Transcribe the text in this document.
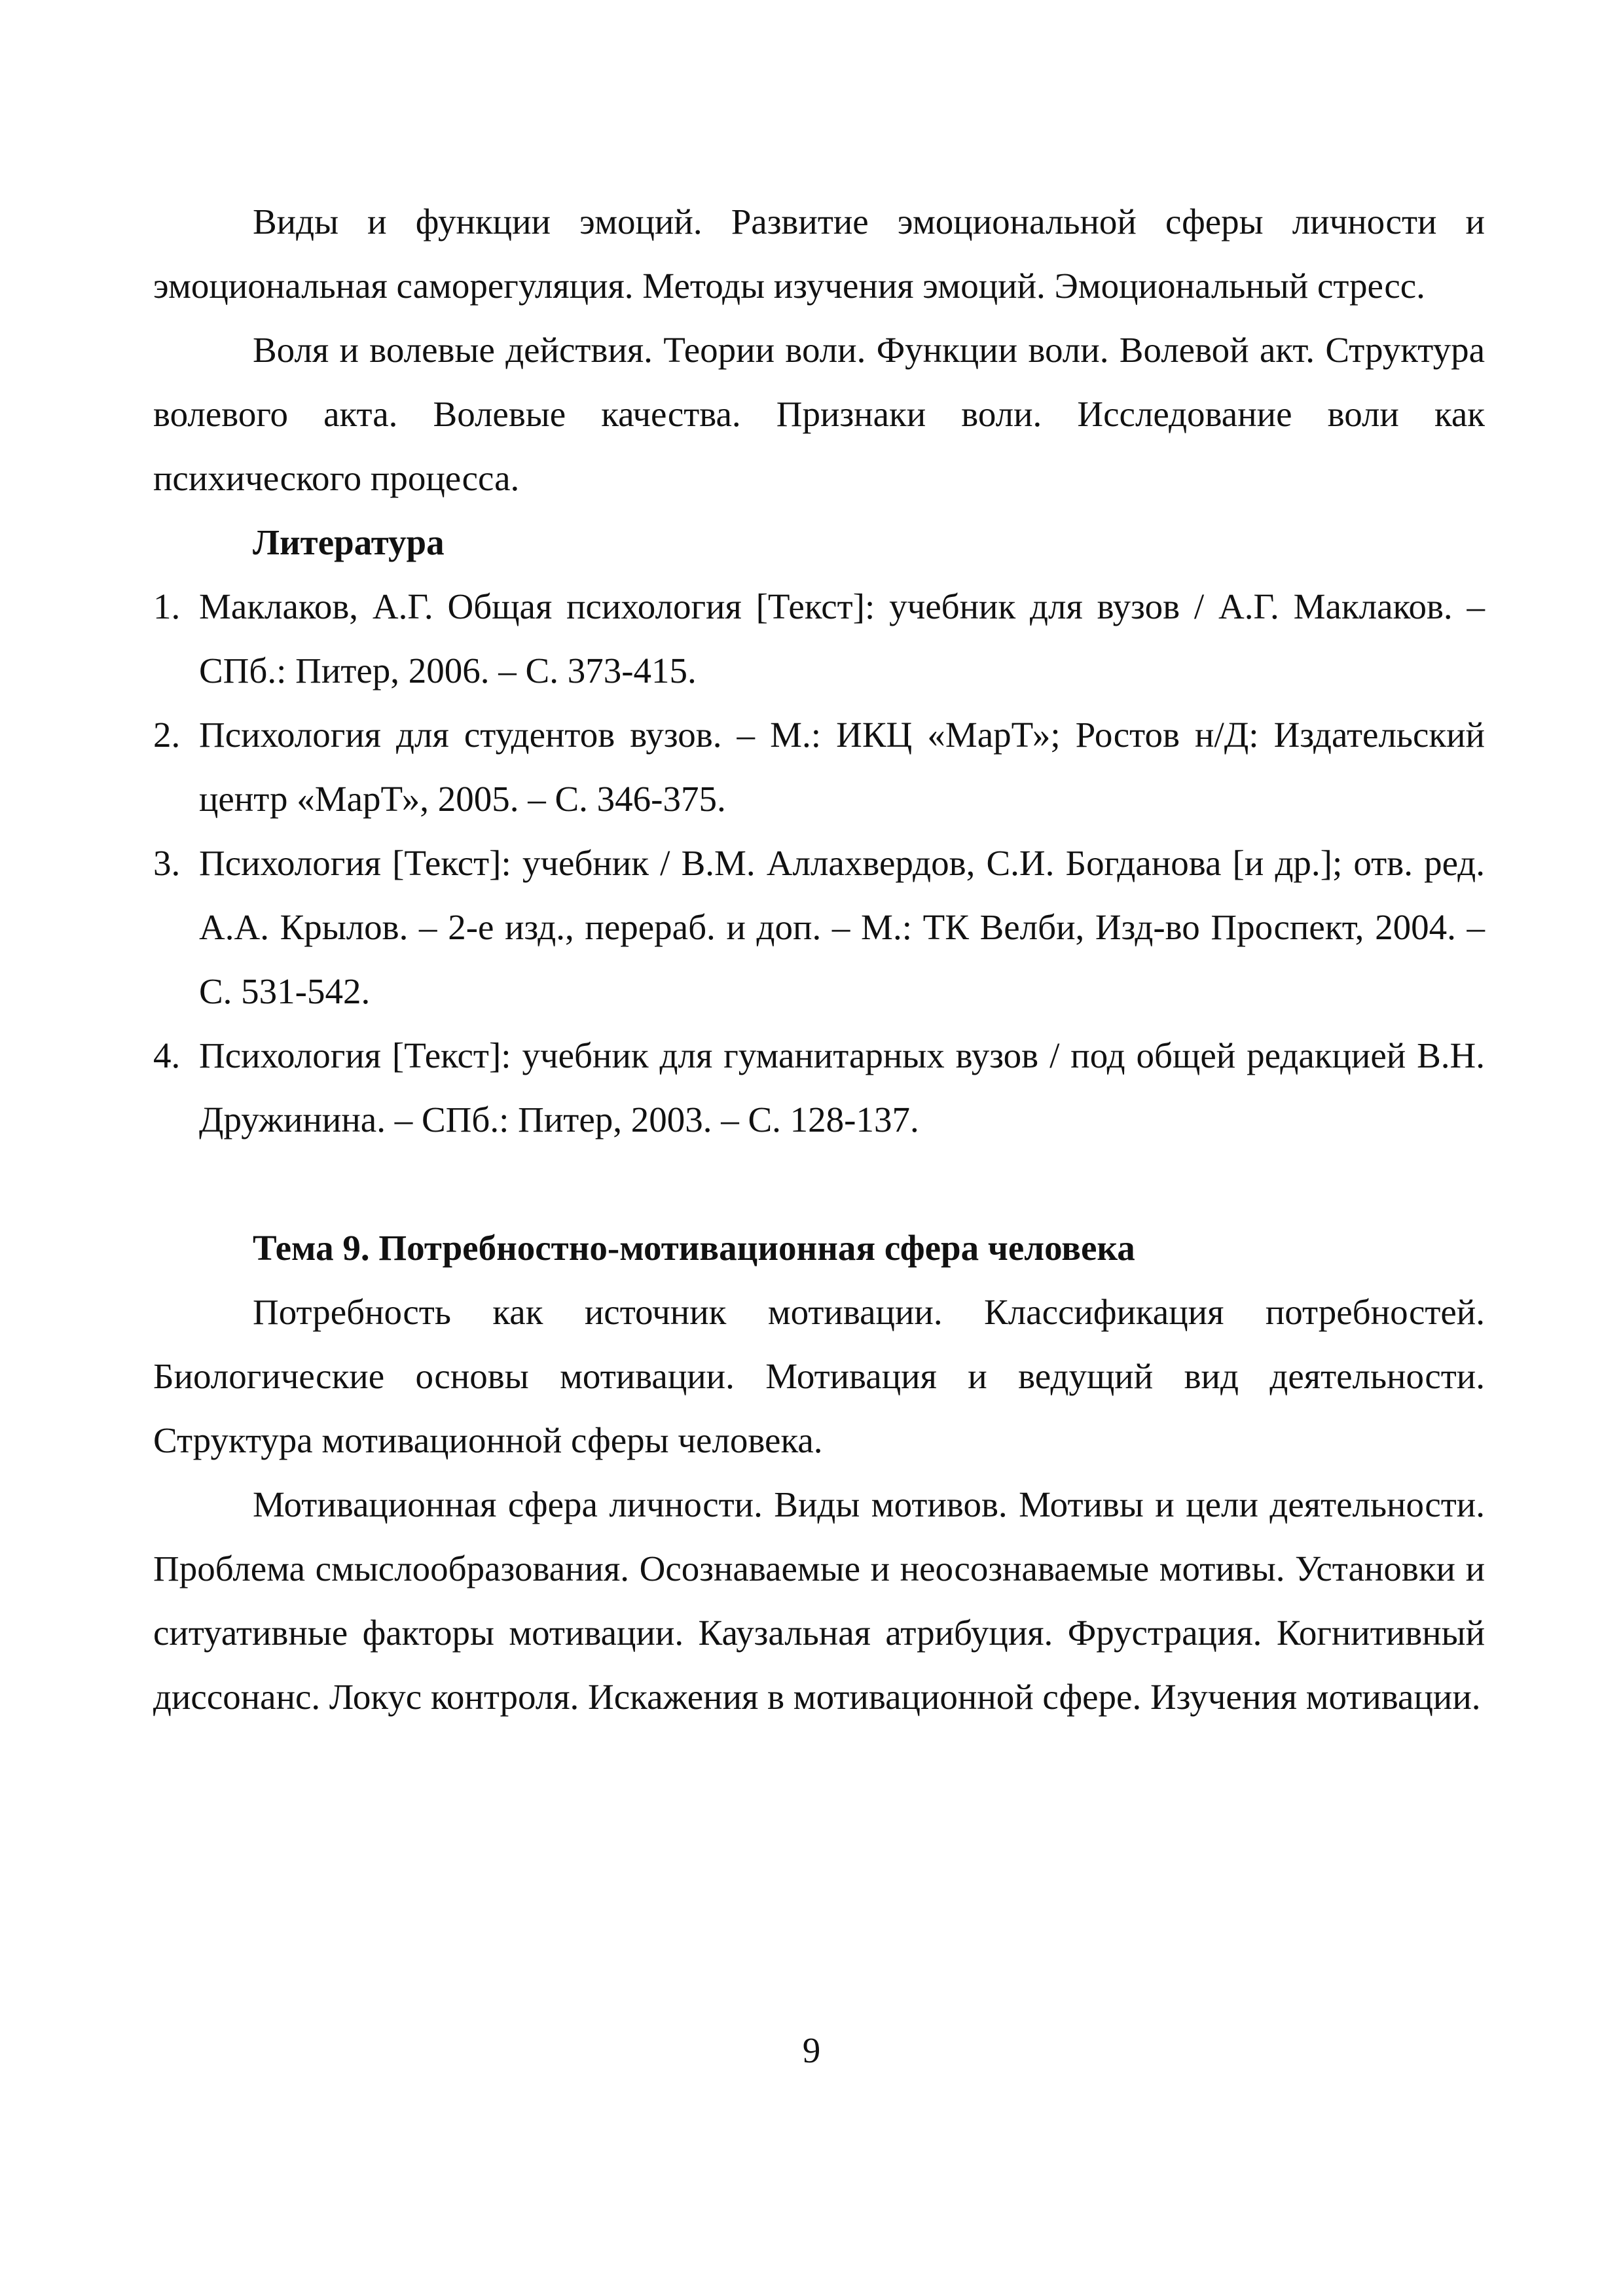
Виды и функции эмоций. Развитие эмоциональной сферы личности и эмоциональная саморегуляция. Методы изучения эмоций. Эмоциональный стресс.

Воля и волевые действия. Теории воли. Функции воли. Волевой акт. Структура волевого акта. Волевые качества. Признаки воли. Исследование воли как психического процесса.

Литература
1. Маклаков, А.Г. Общая психология [Текст]: учебник для вузов / А.Г. Маклаков. – СПб.: Питер, 2006. – С. 373-415.
2. Психология для студентов вузов. – М.: ИКЦ «МарТ»; Ростов н/Д: Издательский центр «МарТ», 2005. – С. 346-375.
3. Психология [Текст]: учебник / В.М. Аллахвердов, С.И. Богданова [и др.]; отв. ред. А.А. Крылов. – 2-е изд., перераб. и доп. – М.: ТК Велби, Изд-во Проспект, 2004. – С. 531-542.
4. Психология [Текст]: учебник для гуманитарных вузов / под общей редакцией В.Н. Дружинина. – СПб.: Питер, 2003. – С. 128-137.
Тема 9. Потребностно-мотивационная сфера человека

Потребность как источник мотивации. Классификация потребностей. Биологические основы мотивации. Мотивация и ведущий вид деятельности. Структура мотивационной сферы человека.

Мотивационная сфера личности. Виды мотивов. Мотивы и цели деятельности. Проблема смыслообразования. Осознаваемые и неосознаваемые мотивы. Установки и ситуативные факторы мотивации. Каузальная атрибуция. Фрустрация. Когнитивный диссонанс. Локус контроля. Искажения в мотивационной сфере. Изучения мотивации.

9
